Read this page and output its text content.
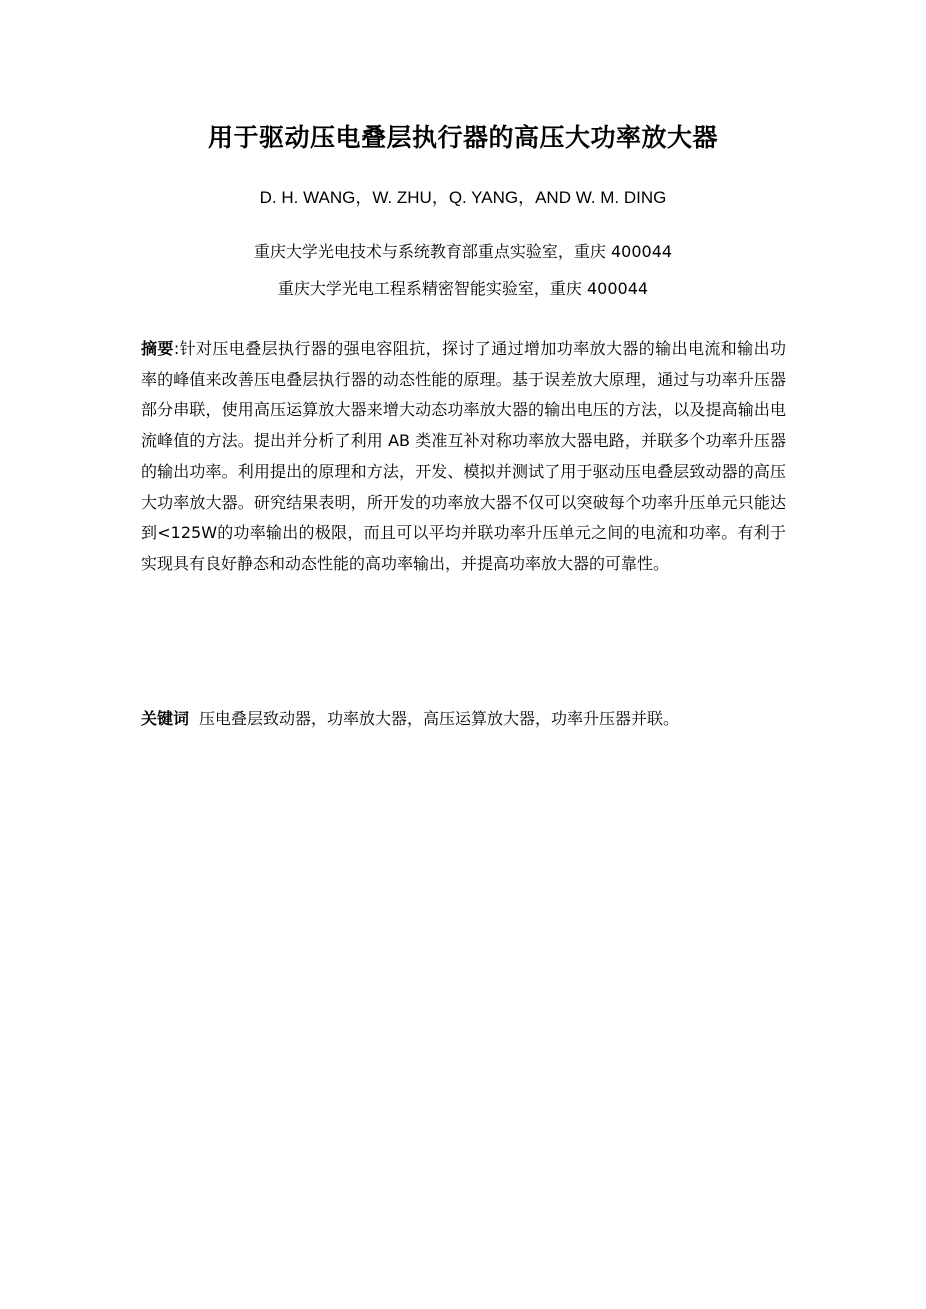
用于驱动压电叠层执行器的高压大功率放大器
D. H. WANG，W. ZHU，Q. YANG，AND W. M. DING
重庆大学光电技术与系统教育部重点实验室，重庆 400044
重庆大学光电工程系精密智能实验室，重庆 400044
摘要:针对压电叠层执行器的强电容阻抗，探讨了通过增加功率放大器的输出电流和输出功率的峰值来改善压电叠层执行器的动态性能的原理。基于误差放大原理，通过与功率升压器部分串联，使用高压运算放大器来增大动态功率放大器的输出电压的方法，以及提高输出电流峰值的方法。提出并分析了利用 AB 类准互补对称功率放大器电路，并联多个功率升压器的输出功率。利用提出的原理和方法，开发、模拟并测试了用于驱动压电叠层致动器的高压大功率放大器。研究结果表明，所开发的功率放大器不仅可以突破每个功率升压单元只能达到<125W的功率输出的极限，而且可以平均并联功率升压单元之间的电流和功率。有利于实现具有良好静态和动态性能的高功率输出，并提高功率放大器的可靠性。
关键词 压电叠层致动器，功率放大器，高压运算放大器，功率升压器并联。
